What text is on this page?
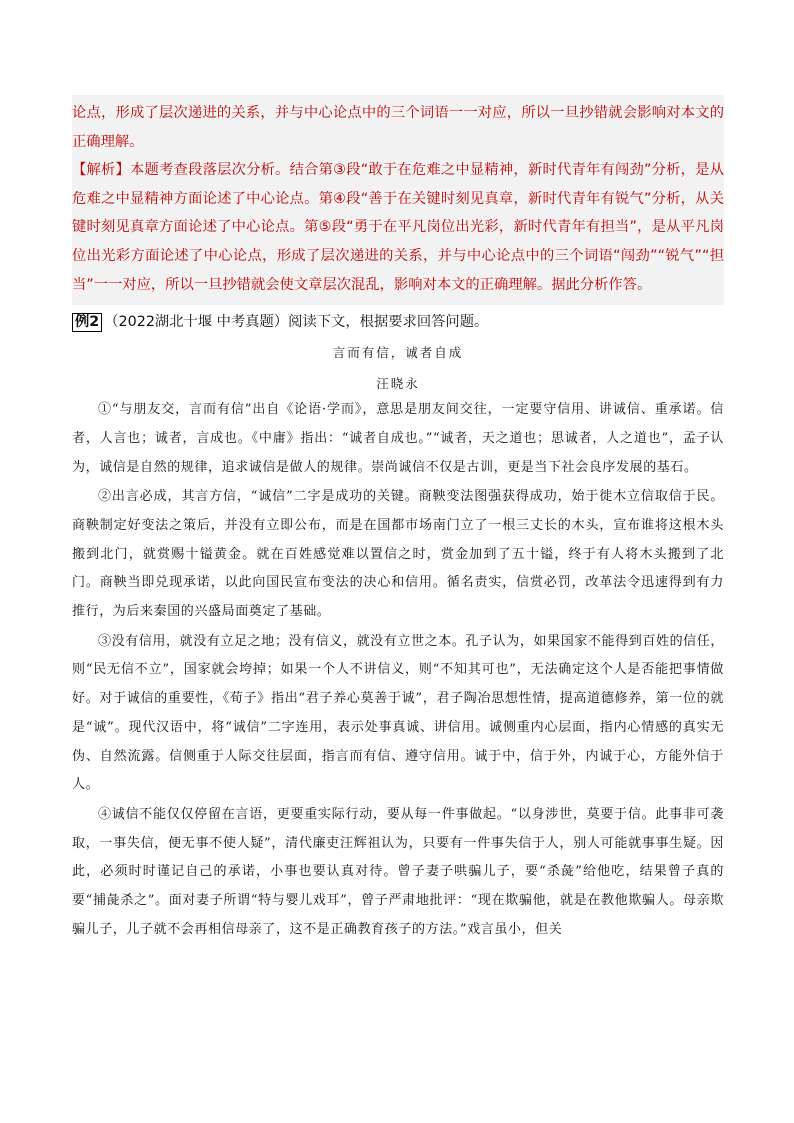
论点，形成了层次递进的关系，并与中心论点中的三个词语一一对应，所以一旦抄错就会影响对本文的正确理解。
【解析】本题考查段落层次分析。结合第③段“敢于在危难之中显精神，新时代青年有闯劲”分析，是从危难之中显精神方面论述了中心论点。第④段“善于在关键时刻见真章，新时代青年有锐气”分析，从关键时刻见真章方面论述了中心论点。第⑤段“勇于在平凡岗位出光彩，新时代青年有担当”，是从平凡岗位出光彩方面论述了中心论点，形成了层次递进的关系，并与中心论点中的三个词语“闯劲”“锐气”“担当”一一对应，所以一旦抄错就会使文章层次混乱，影响对本文的正确理解。据此分析作答。
例2 （2022湖北十堰 中考真题）阅读下文，根据要求回答问题。
言而有信，诚者自成
汪晓永

①“与朋友交，言而有信”出自《论语·学而》，意思是朋友间交往，一定要守信用、讲诚信、重承诺。信者，人言也；诚者，言成也。《中庸》指出：“诚者自成也。”“诚者，天之道也；思诚者，人之道也”，孟子认为，诚信是自然的规律，追求诚信是做人的规律。崇尚诚信不仅是古训，更是当下社会良序发展的基石。

②出言必成，其言方信，“诚信”二字是成功的关键。商鞅变法图强获得成功，始于徙木立信取信于民。商鞅制定好变法之策后，并没有立即公布，而是在国都市场南门立了一根三丈长的木头，宣布谁将这根木头搬到北门，就赏赐十镒黄金。就在百姓感觉难以置信之时，赏金加到了五十镒，终于有人将木头搬到了北门。商鞅当即兑现承诺，以此向国民宣布变法的决心和信用。循名责实，信赏必罚，改革法令迅速得到有力推行，为后来秦国的兴盛局面奠定了基础。

③没有信用，就没有立足之地；没有信义，就没有立世之本。孔子认为，如果国家不能得到百姓的信任，则“民无信不立”，国家就会垮掉；如果一个人不讲信义，则“不知其可也”，无法确定这个人是否能把事情做好。对于诚信的重要性，《荀子》指出“君子养心莫善于诚”，君子陶冶思想性情，提高道德修养，第一位的就是“诚”。现代汉语中，将“诚信”二字连用，表示处事真诚、讲信用。诚侧重内心层面，指内心情感的真实无伪、自然流露。信侧重于人际交往层面，指言而有信、遵守信用。诚于中，信于外，内诚于心，方能外信于人。

④诚信不能仅仅停留在言语，更要重实际行动，要从每一件事做起。“以身涉世，莫要于信。此事非可袭取，一事失信，便无事不使人疑”，清代廉吏汪辉祖认为，只要有一件事失信于人，别人可能就事事生疑。因此，必须时时谨记自己的承诺，小事也要认真对待。曾子妻子哄骗儿子，要“杀彘”给他吃，结果曾子真的要“捕彘杀之”。面对妻子所谓“特与婴儿戏耳”，曾子严肃地批评：“现在欺骗他，就是在教他欺骗人。母亲欺骗儿子，儿子就不会再相信母亲了，这不是正确教育孩子的方法。”戏言虽小，但关
